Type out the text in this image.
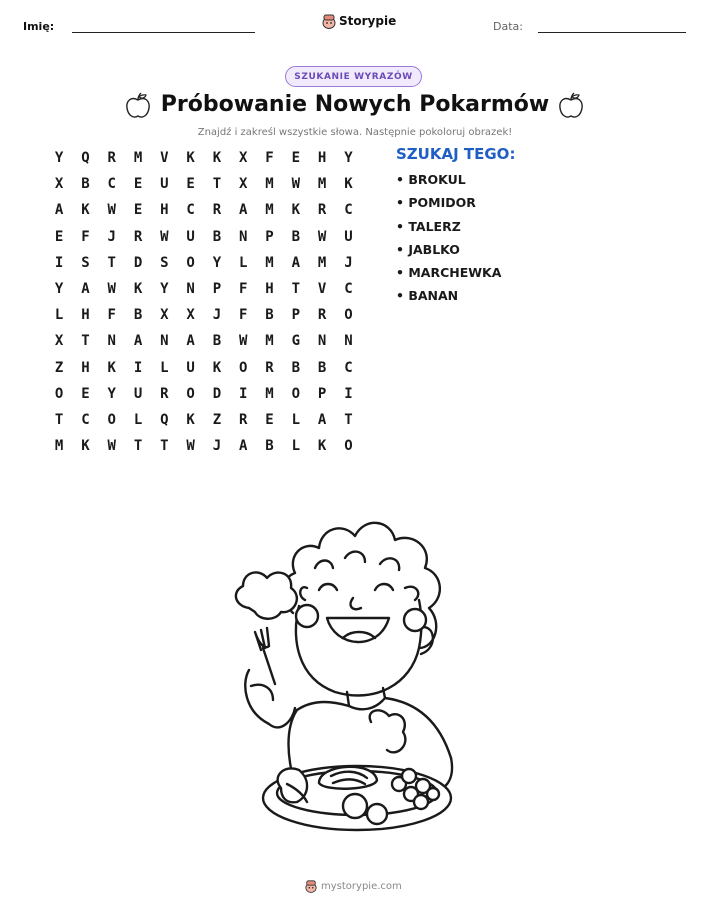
Imię:	Storypie	Data:
SZUKANIE WYRAZÓW
Próbowanie Nowych Pokarmów
Znajdź i zakreśl wszystkie słowa. Następnie pokoloruj obrazek!
Y	Q	R	M	V	K	K	X	F	E	H	Y
X	B	C	E	U	E	T	X	M	W	M	K
A	K	W	E	H	C	R	A	M	K	R	C
E	F	J	R	W	U	B	N	P	B	W	U
I	S	T	D	S	O	Y	L	M	A	M	J
Y	A	W	K	Y	N	P	F	H	T	V	C
L	H	F	B	X	X	J	F	B	P	R	O
X	T	N	A	N	A	B	W	M	G	N	N
Z	H	K	I	L	U	K	O	R	B	B	C
O	E	Y	U	R	O	D	I	M	O	P	I
T	C	O	L	Q	K	Z	R	E	L	A	T
M	K	W	T	T	W	J	A	B	L	K	O
SZUKAJ TEGO:
• BROKUL
• POMIDOR
• TALERZ
• JABLKO
• MARCHEWKA
• BANAN
mystorypie.com
